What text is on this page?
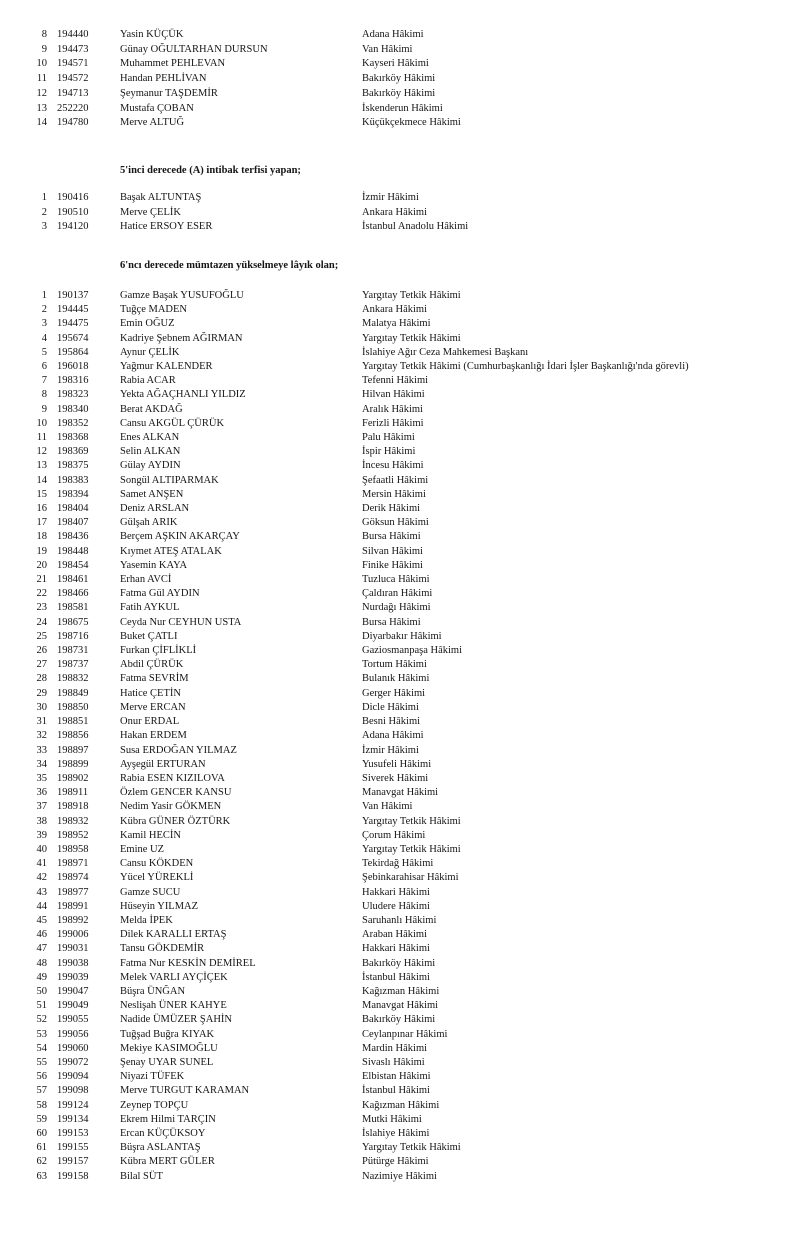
8 194440	Yasin KÜÇÜK	Adana Hâkimi
9 194473	Günay OĞULTARHAN DURSUN	Van Hâkimi
10 194571	Muhammet PEHLEVAN	Kayseri Hâkimi
11 194572	Handan PEHLİVAN	Bakırköy Hâkimi
12 194713	Şeymanur TAŞDEMİR	Bakırköy Hâkimi
13 252220	Mustafa ÇOBAN	İskenderun Hâkimi
14 194780	Merve ALTUĞ	Küçükçekmece Hâkimi
5'inci derecede (A) intibak terfisi yapan;
1 190416	Başak ALTUNTAŞ	İzmir Hâkimi
2 190510	Merve ÇELİK	Ankara Hâkimi
3 194120	Hatice ERSOY ESER	İstanbul Anadolu Hâkimi
6'ncı derecede mümtazen yükselmeye lâyık olan;
1 190137	Gamze Başak YUSUFOĞLU	Yargıtay Tetkik Hâkimi
2 194445	Tuğçe MADEN	Ankara Hâkimi
3 194475	Emin OĞUZ	Malatya Hâkimi
4 195674	Kadriye Şebnem AĞIRMAN	Yargıtay Tetkik Hâkimi
5 195864	Aynur ÇELİK	İslahiye Ağır Ceza Mahkemesi Başkanı
6 196018	Yağmur KALENDER	Yargıtay Tetkik Hâkimi (Cumhurbaşkanlığı İdari İşler Başkanlığı'nda görevli)
7 198316	Rabia ACAR	Tefenni Hâkimi
8 198323	Yekta AĞAÇHANLI YILDIZ	Hilvan Hâkimi
9 198340	Berat AKDAĞ	Aralık Hâkimi
10 198352	Cansu AKGÜL ÇÜRÜK	Ferizli Hâkimi
11 198368	Enes ALKAN	Palu Hâkimi
12 198369	Selin ALKAN	İspir Hâkimi
13 198375	Gülay AYDIN	İncesu Hâkimi
14 198383	Songül ALTIPARMAK	Şefaatli Hâkimi
15 198394	Samet ANŞEN	Mersin Hâkimi
16 198404	Deniz ARSLAN	Derik Hâkimi
17 198407	Gülşah ARIK	Göksun Hâkimi
18 198436	Berçem AŞKIN AKARÇAY	Bursa Hâkimi
19 198448	Kıymet ATEŞ ATALAK	Silvan Hâkimi
20 198454	Yasemin KAYA	Finike Hâkimi
21 198461	Erhan AVCİ	Tuzluca Hâkimi
22 198466	Fatma Gül AYDIN	Çaldıran Hâkimi
23 198581	Fatih AYKUL	Nurdağı Hâkimi
24 198675	Ceyda Nur CEYHUN USTA	Bursa Hâkimi
25 198716	Buket ÇATLI	Diyarbakır Hâkimi
26 198731	Furkan ÇİFLİKLİ	Gaziosmanpaşa Hâkimi
27 198737	Abdil ÇÜRÜK	Tortum Hâkimi
28 198832	Fatma SEVRİM	Bulanık Hâkimi
29 198849	Hatice ÇETİN	Gerger Hâkimi
30 198850	Merve ERCAN	Dicle Hâkimi
31 198851	Onur ERDAL	Besni Hâkimi
32 198856	Hakan ERDEM	Adana Hâkimi
33 198897	Susa ERDOĞAN YILMAZ	İzmir Hâkimi
34 198899	Ayşegül ERTURAN	Yusufeli Hâkimi
35 198902	Rabia ESEN KIZILOVA	Siverek Hâkimi
36 198911	Özlem GENCER KANSU	Manavgat Hâkimi
37 198918	Nedim Yasir GÖKMEN	Van Hâkimi
38 198932	Kübra GÜNER ÖZTÜRK	Yargıtay Tetkik Hâkimi
39 198952	Kamil HECİN	Çorum Hâkimi
40 198958	Emine UZ	Yargıtay Tetkik Hâkimi
41 198971	Cansu KÖKDEN	Tekirdağ Hâkimi
42 198974	Yücel YÜREKLİ	Şebinkarahisar Hâkimi
43 198977	Gamze SUCU	Hakkari Hâkimi
44 198991	Hüseyin YILMAZ	Uludere Hâkimi
45 198992	Melda İPEK	Saruhanlı Hâkimi
46 199006	Dilek KARALLI ERTAŞ	Araban Hâkimi
47 199031	Tansu GÖKDEMİR	Hakkari Hâkimi
48 199038	Fatma Nur KESKİN DEMİREL	Bakırköy Hâkimi
49 199039	Melek VARLI AYÇİÇEK	İstanbul Hâkimi
50 199047	Büşra ÜNĞAN	Kağızman Hâkimi
51 199049	Neslişah ÜNER KAHYE	Manavgat Hâkimi
52 199055	Nadide ÜMÜZER ŞAHİN	Bakırköy Hâkimi
53 199056	Tuğşad Buğra KIYAK	Ceylanpınar Hâkimi
54 199060	Mekiye KASIMOĞLU	Mardin Hâkimi
55 199072	Şenay UYAR SUNEL	Sivaslı Hâkimi
56 199094	Niyazi TÜFEK	Elbistan Hâkimi
57 199098	Merve TURGUT KARAMAN	İstanbul Hâkimi
58 199124	Zeynep TOPÇU	Kağızman Hâkimi
59 199134	Ekrem Hilmi TARÇIN	Mutki Hâkimi
60 199153	Ercan KÜÇÜKSOY	İslahiye Hâkimi
61 199155	Büşra ASLANTAŞ	Yargıtay Tetkik Hâkimi
62 199157	Kübra MERT GÜLER	Pütürge Hâkimi
63 199158	Bilal SÜT	Nazimiye Hâkimi
